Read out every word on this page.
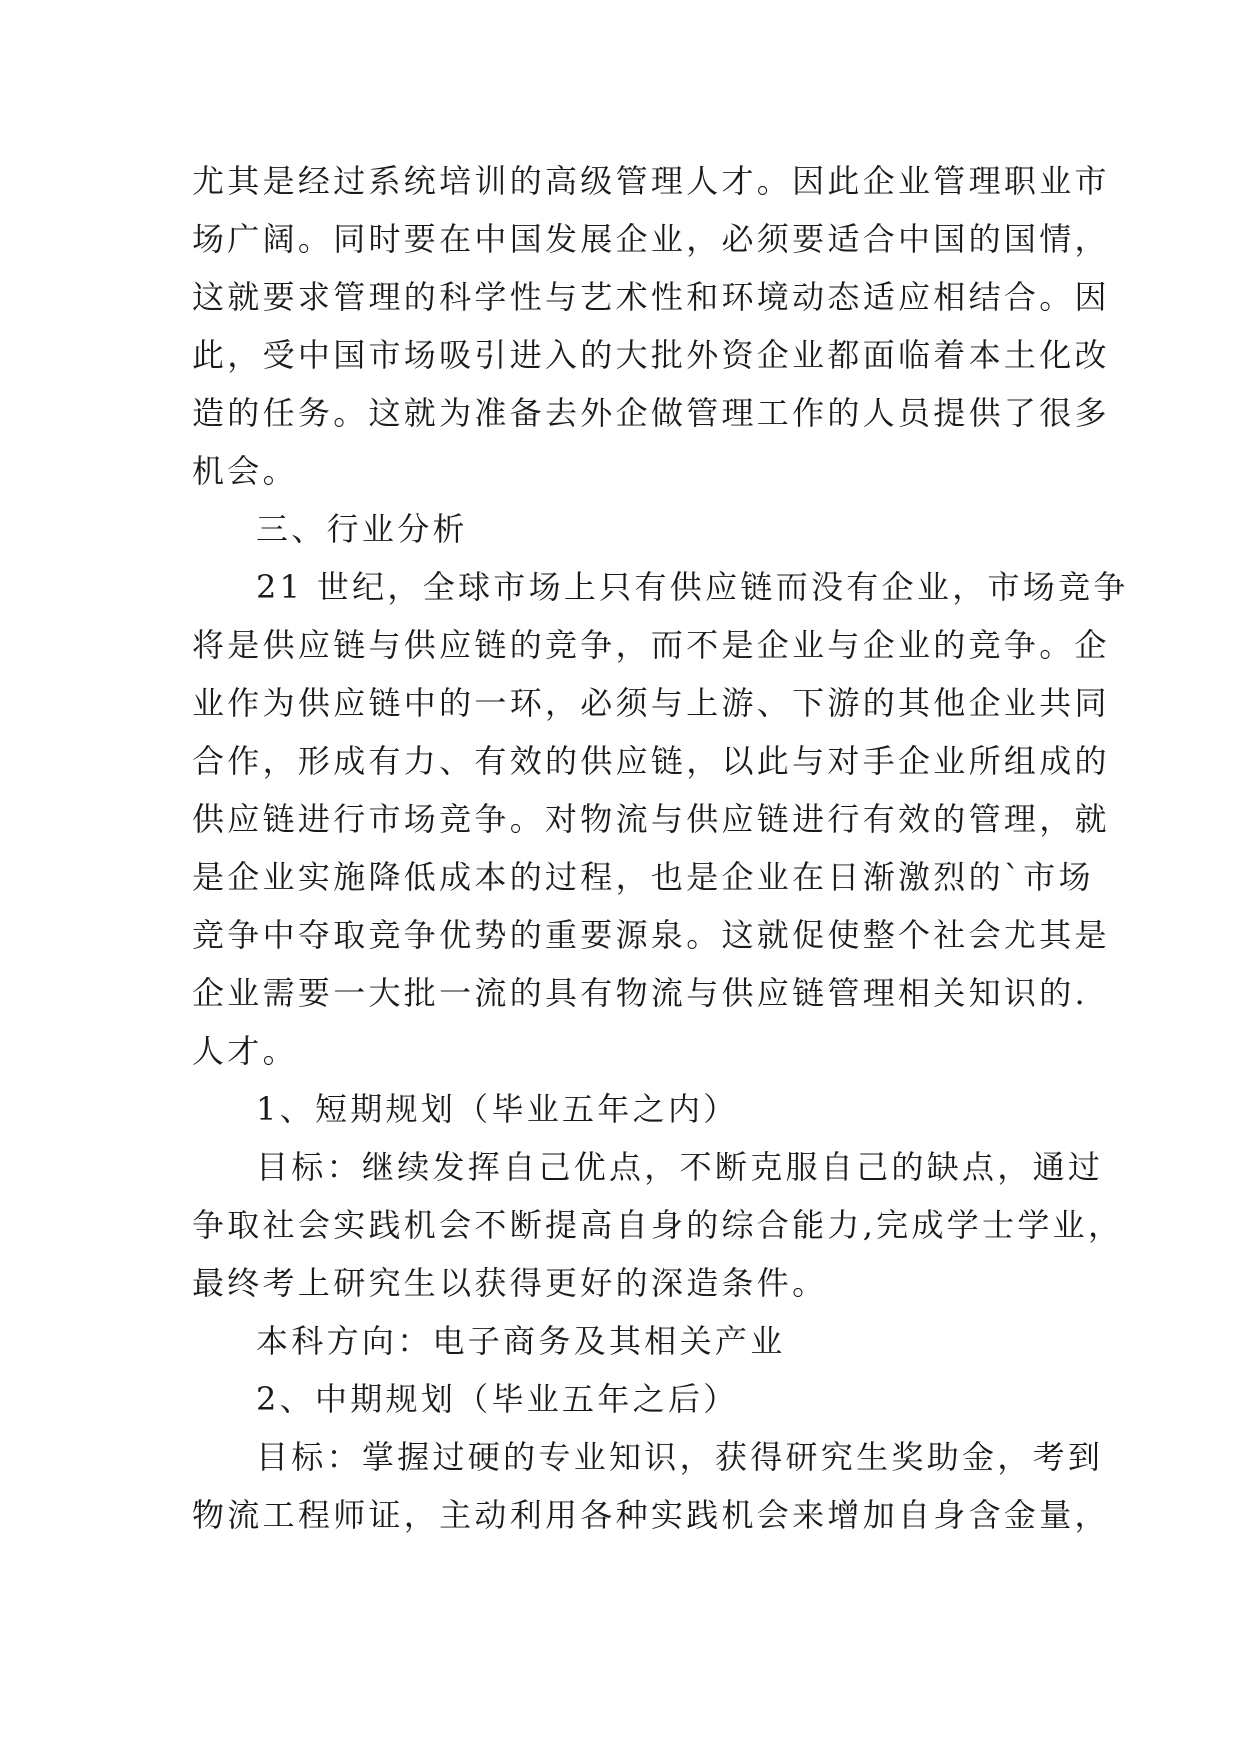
尤其是经过系统培训的高级管理人才。因此企业管理职业市
场广阔。同时要在中国发展企业，必须要适合中国的国情，
这就要求管理的科学性与艺术性和环境动态适应相结合。因
此，受中国市场吸引进入的大批外资企业都面临着本土化改
造的任务。这就为准备去外企做管理工作的人员提供了很多
机会。
三、行业分析
21 世纪，全球市场上只有供应链而没有企业，市场竞争
将是供应链与供应链的竞争，而不是企业与企业的竞争。企
业作为供应链中的一环，必须与上游、下游的其他企业共同
合作，形成有力、有效的供应链，以此与对手企业所组成的
供应链进行市场竞争。对物流与供应链进行有效的管理，就
是企业实施降低成本的过程，也是企业在日渐激烈的`市场
竞争中夺取竞争优势的重要源泉。这就促使整个社会尤其是
企业需要一大批一流的具有物流与供应链管理相关知识的.
人才。
1、短期规划（毕业五年之内）
目标：继续发挥自己优点，不断克服自己的缺点，通过
争取社会实践机会不断提高自身的综合能力,完成学士学业，
最终考上研究生以获得更好的深造条件。
本科方向：电子商务及其相关产业
2、中期规划（毕业五年之后）
目标：掌握过硬的专业知识，获得研究生奖助金，考到
物流工程师证，主动利用各种实践机会来增加自身含金量，
